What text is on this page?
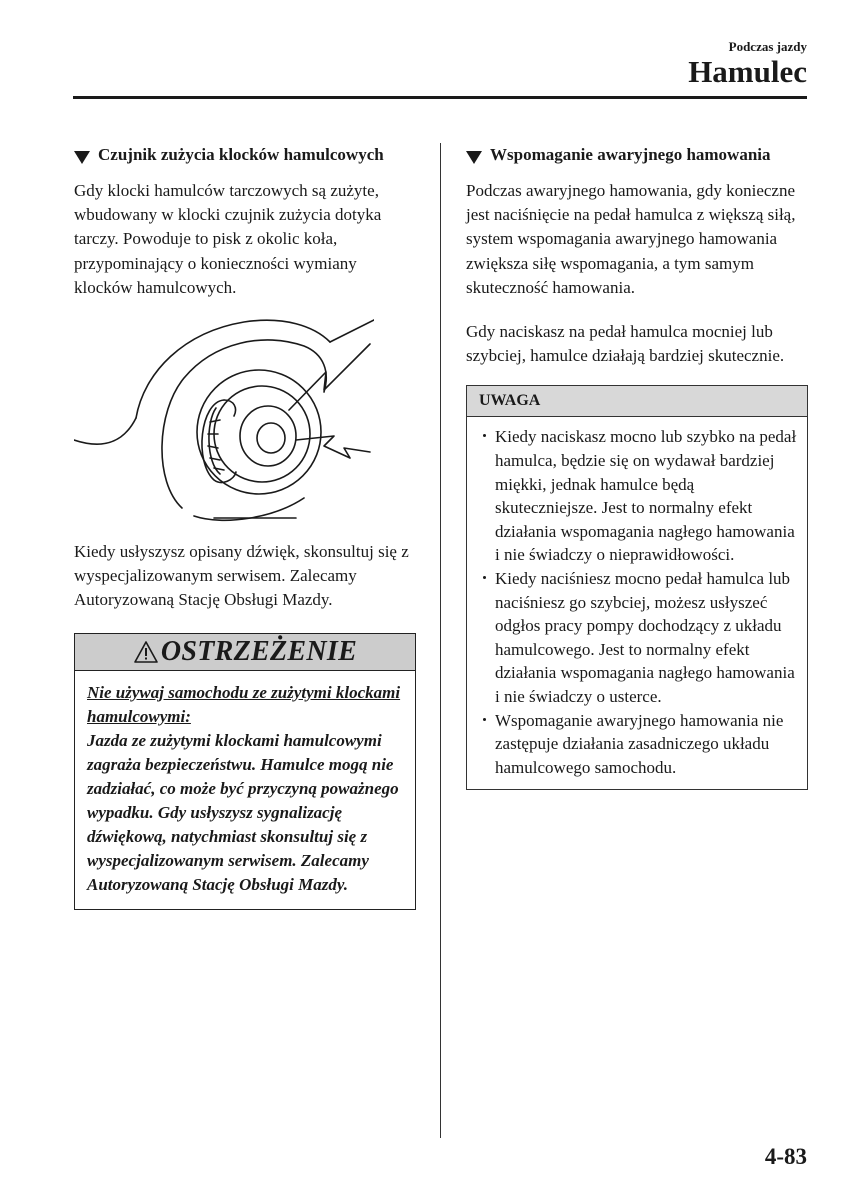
Podczas jazdy
Hamulec
Czujnik zużycia klocków hamulcowych

Gdy klocki hamulców tarczowych są zużyte, wbudowany w klocki czujnik zużycia dotyka tarczy. Powoduje to pisk z okolic koła, przypominający o konieczności wymiany klocków hamulcowych.

Kiedy usłyszysz opisany dźwięk, skonsultuj się z wyspecjalizowanym serwisem. Zalecamy Autoryzowaną Stację Obsługi Mazdy.

OSTRZEŻENIE
Nie używaj samochodu ze zużytymi klockami hamulcowymi:
Jazda ze zużytymi klockami hamulcowymi zagraża bezpieczeństwu. Hamulce mogą nie zadziałać, co może być przyczyną poważnego wypadku. Gdy usłyszysz sygnalizację dźwiękową, natychmiast skonsultuj się z wyspecjalizowanym serwisem. Zalecamy Autoryzowaną Stację Obsługi Mazdy.
Wspomaganie awaryjnego hamowania

Podczas awaryjnego hamowania, gdy konieczne jest naciśnięcie na pedał hamulca z większą siłą, system wspomagania awaryjnego hamowania zwiększa siłę wspomagania, a tym samym skuteczność hamowania.

Gdy naciskasz na pedał hamulca mocniej lub szybciej, hamulce działają bardziej skutecznie.

UWAGA
Kiedy naciskasz mocno lub szybko na pedał hamulca, będzie się on wydawał bardziej miękki, jednak hamulce będą skuteczniejsze. Jest to normalny efekt działania wspomagania nagłego hamowania i nie świadczy o nieprawidłowości.
Kiedy naciśniesz mocno pedał hamulca lub naciśniesz go szybciej, możesz usłyszeć odgłos pracy pompy dochodzący z układu hamulcowego. Jest to normalny efekt działania wspomagania nagłego hamowania i nie świadczy o usterce.
Wspomaganie awaryjnego hamowania nie zastępuje działania zasadniczego układu hamulcowego samochodu.
4-83
